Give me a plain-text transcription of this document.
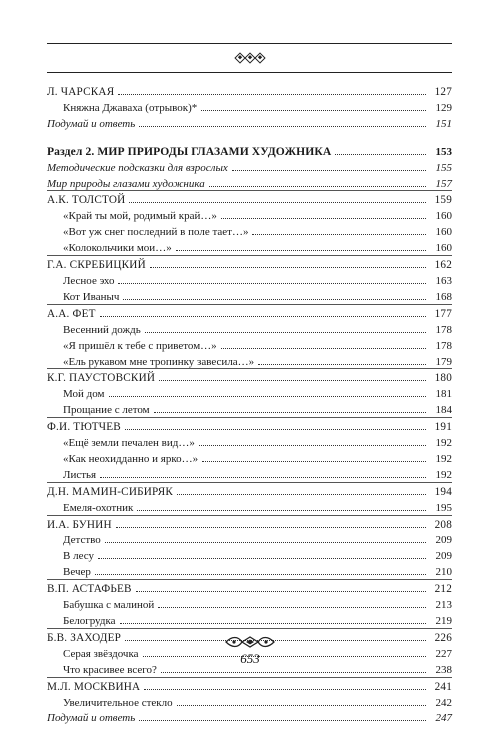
Л. ЧАРСКАЯ	127
Княжна Джаваха (отрывок)*	129
Подумай и ответь	151
Раздел 2. МИР ПРИРОДЫ ГЛАЗАМИ ХУДОЖНИКА	153
Методические подсказки для взрослых	155
Мир природы глазами художника	157
А.К. ТОЛСТОЙ	159
«Край ты мой, родимый край…»	160
«Вот уж снег последний в поле тает…»	160
«Колокольчики мои…»	160
Г.А. СКРЕБИЦКИЙ	162
Лесное эхо	163
Кот Иваныч	168
А.А. ФЕТ	177
Весенний дождь	178
«Я пришёл к тебе с приветом…»	178
«Ель рукавом мне тропинку завесила…»	179
К.Г. ПАУСТОВСКИЙ	180
Мой дом	181
Прощание с летом	184
Ф.И. ТЮТЧЕВ	191
«Ещё земли печален вид…»	192
«Как неохидданно и ярко…»	192
Листья	192
Д.Н. МАМИН-СИБИРЯК	194
Емеля-охотник	195
И.А. БУНИН	208
Детство	209
В лесу	209
Вечер	210
В.П. АСТАФЬЕВ	212
Бабушка с малиной	213
Белогрудка	219
Б.В. ЗАХОДЕР	226
Серая звёздочка	227
Что красивее всего?	238
М.Л. МОСКВИНА	241
Увеличительное стекло	242
Подумай и ответь	247
653
